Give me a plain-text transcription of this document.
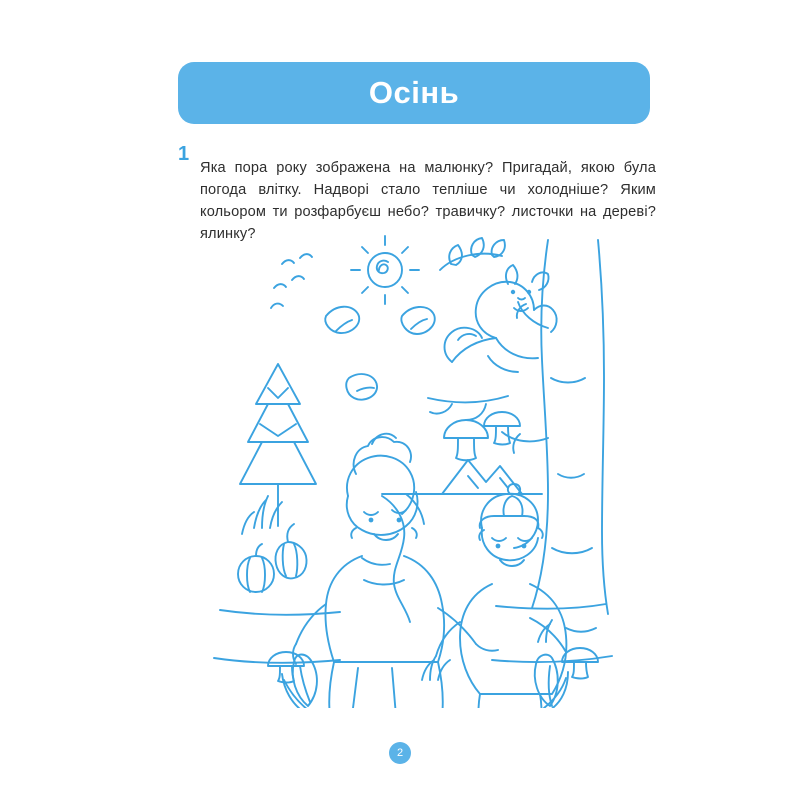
Осінь
1

Яка пора року зображена на малюнку? Пригадай, якою була погода влітку. Надворі стало тепліше чи холодніше? Яким кольором ти розфарбуєш небо? травичку? листочки на дереві? ялинку?

2
